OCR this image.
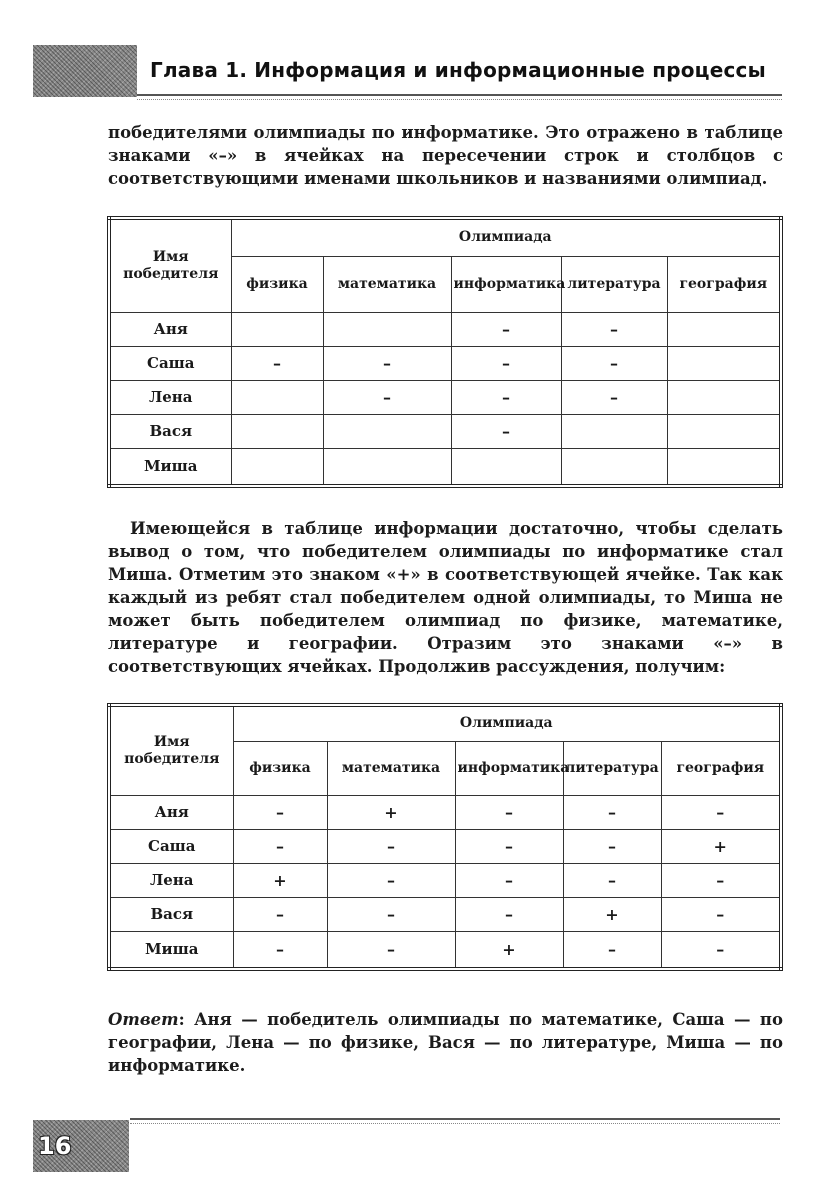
Глава 1. Информация и информационные процессы

победителями олимпиады по информатике. Это отражено в таблице знаками «–» в ячейках на пересечении строк и столбцов с соответствующими именами школьников и названиями олимпиад.

Имя победителя	Олимпиада				
	физика	математика	информатика	литература	география
Аня			–	–	
Саша	–	–	–	–	
Лена		–	–	–	
Вася			–		
Миша					

Имеющейся в таблице информации достаточно, чтобы сделать вывод о том, что победителем олимпиады по информатике стал Миша. Отметим это знаком «+» в соответствующей ячейке. Так как каждый из ребят стал победителем одной олимпиады, то Миша не может быть победителем олимпиад по физике, математике, литературе и географии. Отразим это знаками «–» в соответствующих ячейках. Продолжив рассуждения, получим:

Имя победителя	Олимпиада				
	физика	математика	информатика	литература	география
Аня	–	+	–	–	–
Саша	–	–	–	–	+
Лена	+	–	–	–	–
Вася	–	–	–	+	–
Миша	–	–	+	–	–

Ответ: Аня — победитель олимпиады по математике, Саша — по географии, Лена — по физике, Вася — по литературе, Миша — по информатике.

16
